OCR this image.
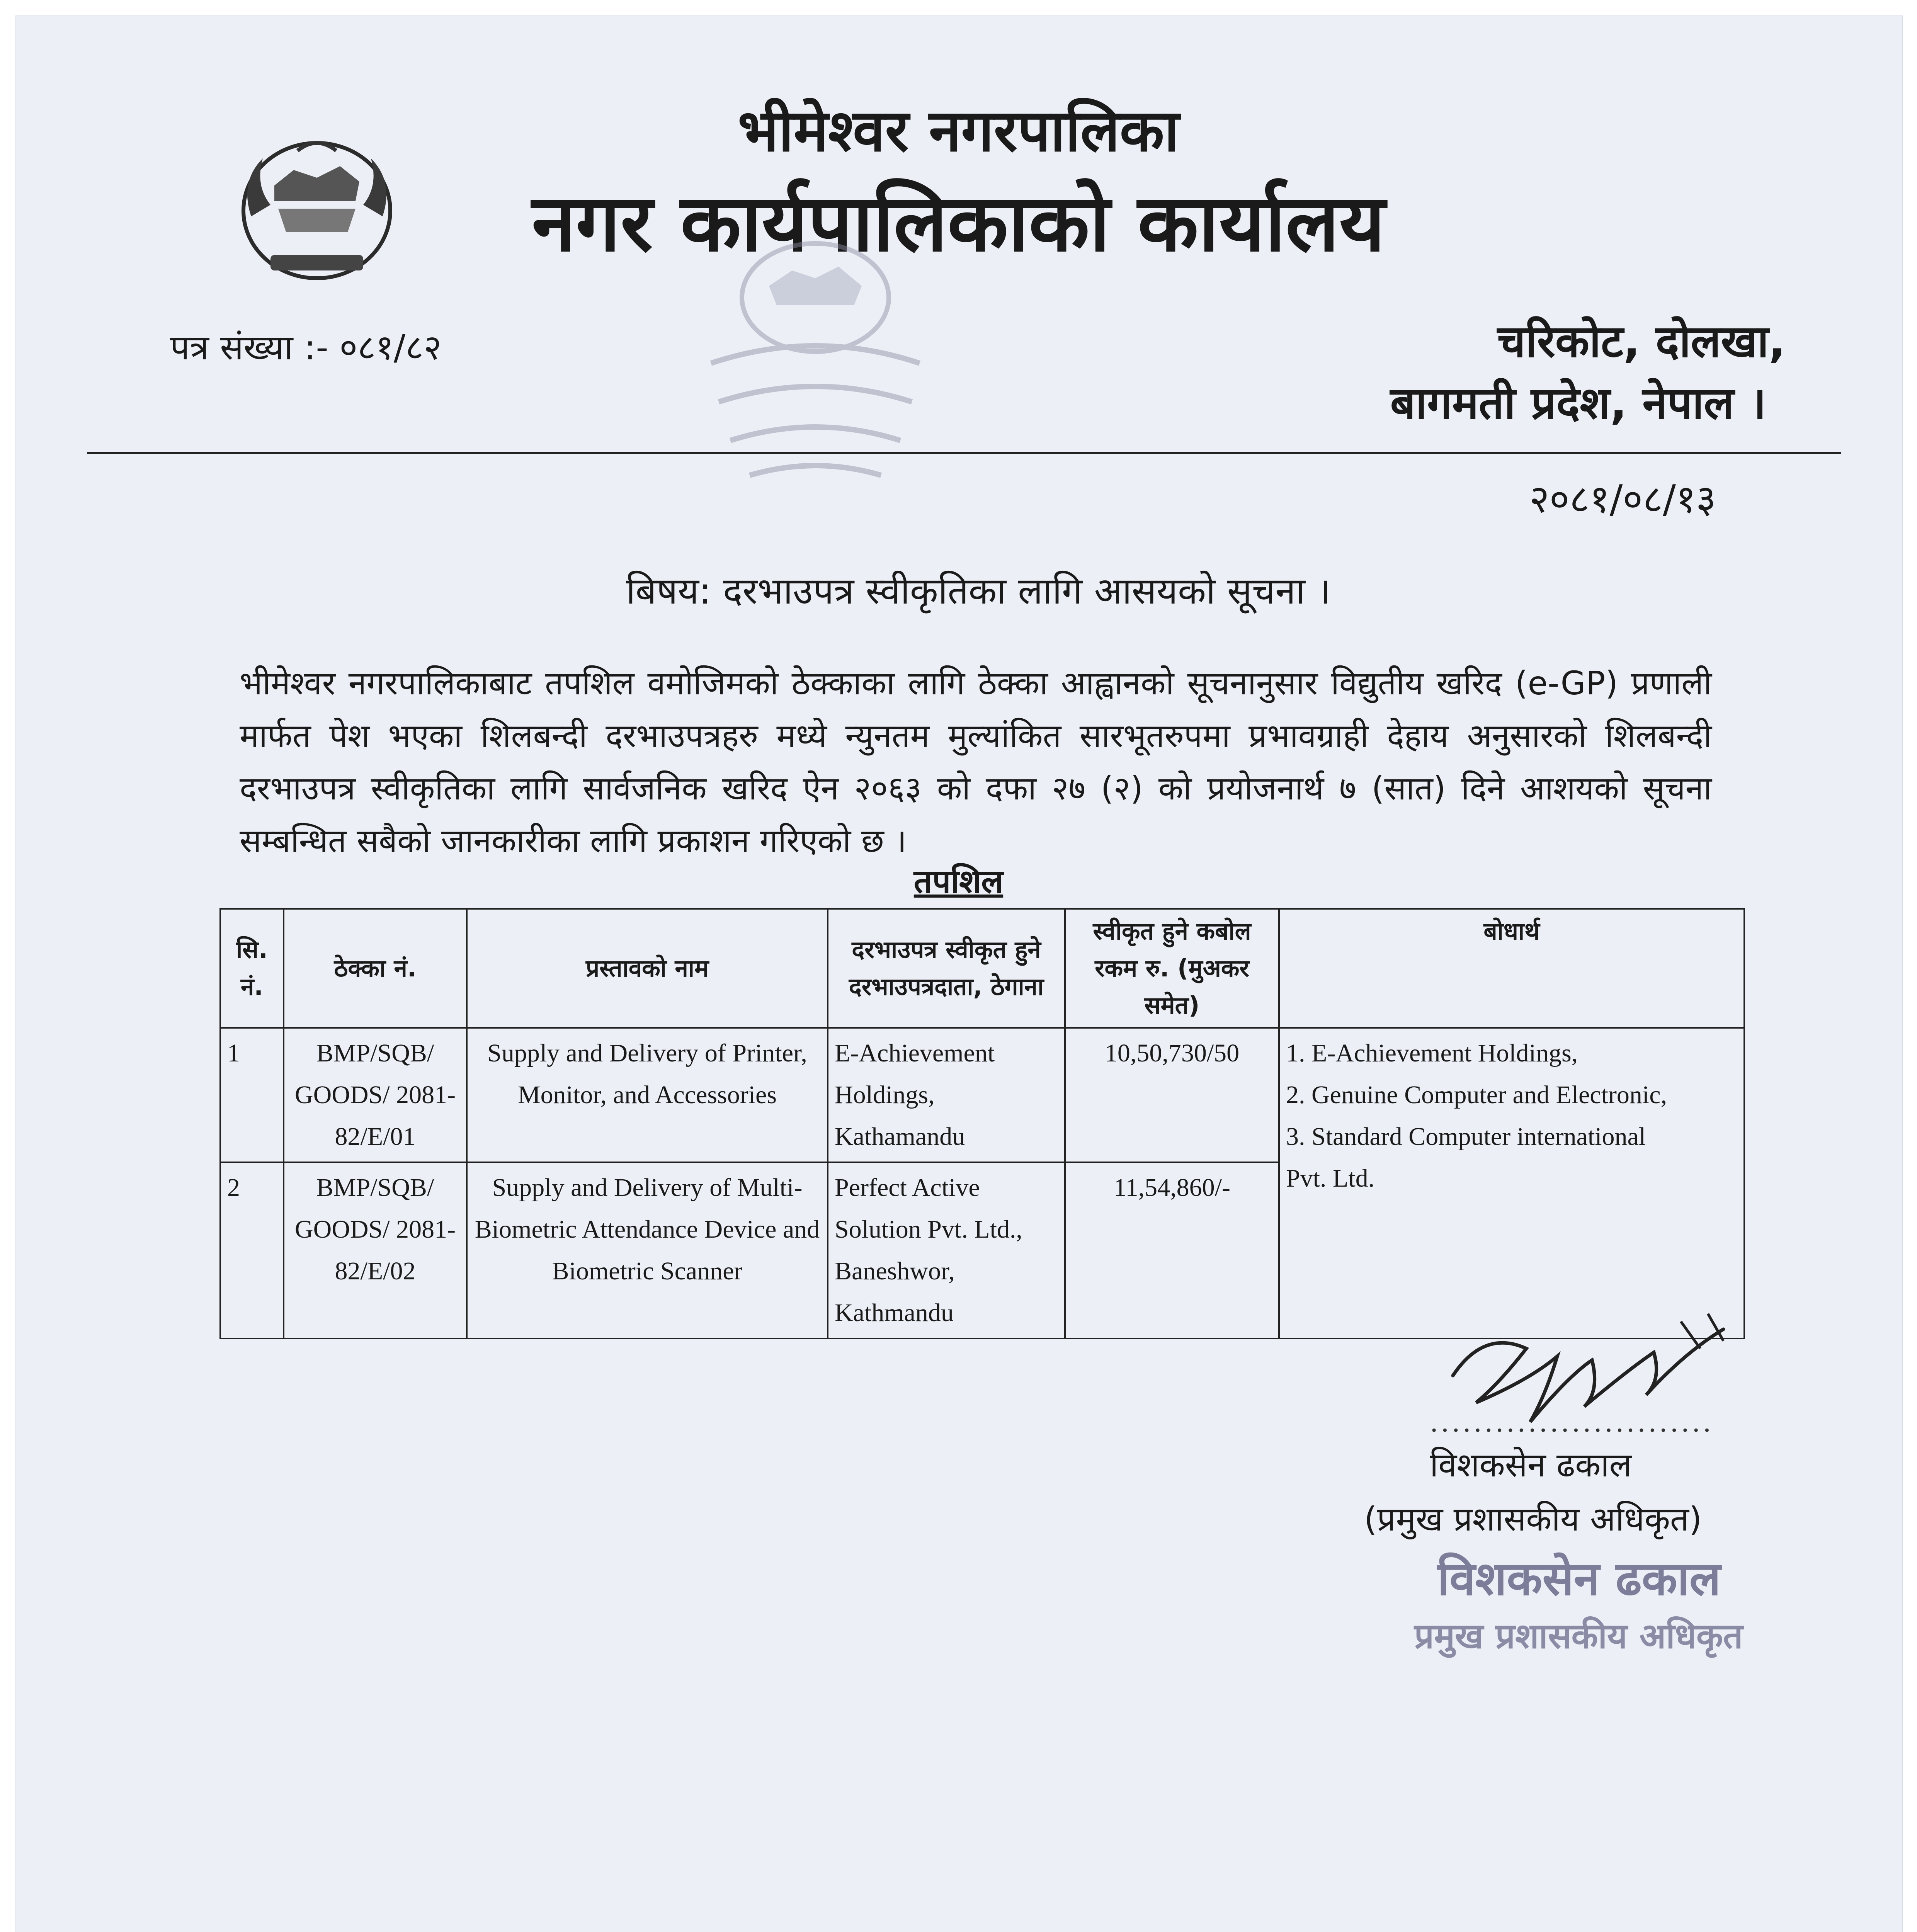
भीमेश्वर नगरपालिका
नगर कार्यपालिकाको कार्यालय
पत्र संख्या :- ०८१/८२	चरिकोट, दोलखा,
बागमती प्रदेश, नेपाल ।
२०८१/०८/१३
बिषय: दरभाउपत्र स्वीकृतिका लागि आसयको सूचना ।
भीमेश्वर नगरपालिकाबाट तपशिल वमोजिमको ठेक्काका लागि ठेक्का आह्वानको सूचनानुसार विद्युतीय खरिद (e-GP) प्रणाली मार्फत पेश भएका शिलबन्दी दरभाउपत्रहरु मध्ये न्युनतम मुल्यांकित सारभूतरुपमा प्रभावग्राही देहाय अनुसारको शिलबन्दी दरभाउपत्र स्वीकृतिका लागि सार्वजनिक खरिद ऐन २०६३ को दफा २७ (२) को प्रयोजनार्थ ७ (सात) दिने आशयको सूचना सम्बन्धित सबैको जानकारीका लागि प्रकाशन गरिएको छ ।
तपशिल
सि. नं.	ठेक्का नं.	प्रस्तावको नाम	दरभाउपत्र स्वीकृत हुने दरभाउपत्रदाता, ठेगाना	स्वीकृत हुने कबोल रकम रु. (मुअकर समेत)	बोधार्थ
1	BMP/SQB/ GOODS/ 2081-82/E/01	Supply and Delivery of Printer, Monitor, and Accessories	E-Achievement Holdings, Kathamandu	10,50,730/50	1. E-Achievement Holdings,
2. Genuine Computer and Electronic,
3. Standard Computer international
Pvt. Ltd.

2	BMP/SQB/ GOODS/ 2081-82/E/02	Supply and Delivery of Multi-Biometric Attendance Device and Biometric Scanner	Perfect Active Solution Pvt. Ltd., Baneshwor, Kathmandu	11,54,860/-	
..........................
विशकसेन ढकाल
(प्रमुख प्रशासकीय अधिकृत)
विशकसेन ढकाल
प्रमुख प्रशासकीय अधिकृत
